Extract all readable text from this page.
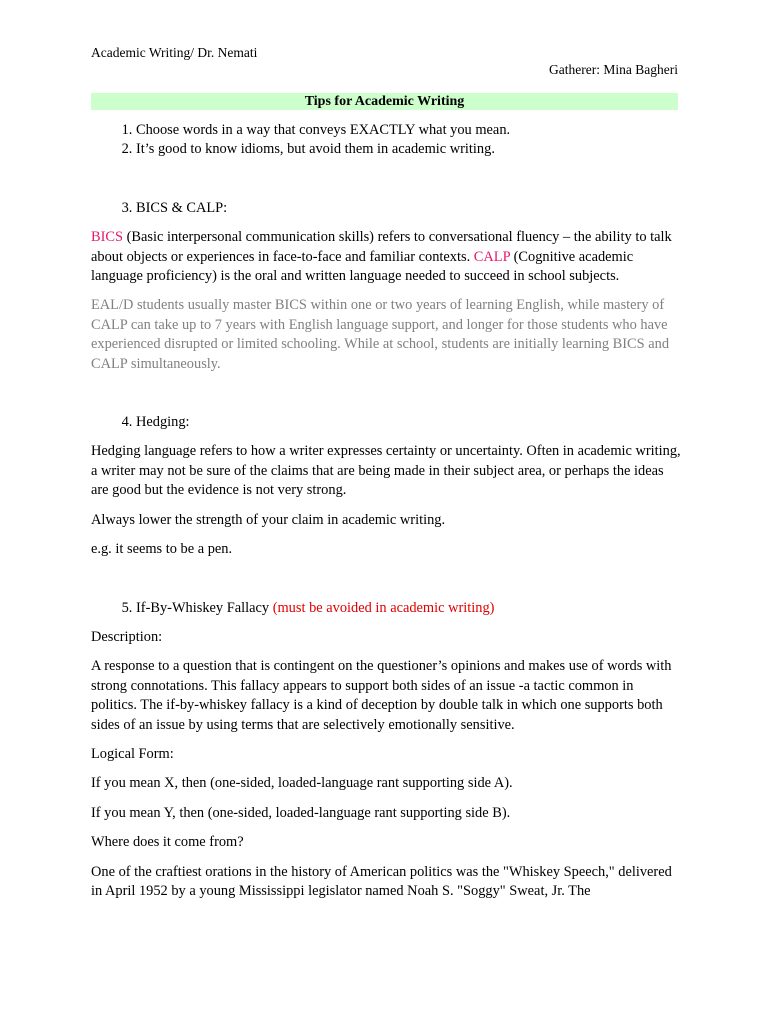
Academic Writing/ Dr. Nemati
Gatherer: Mina Bagheri
Tips for Academic Writing
1. Choose words in a way that conveys EXACTLY what you mean.
2. It’s good to know idioms, but avoid them in academic writing.
3. BICS & CALP:

BICS (Basic interpersonal communication skills) refers to conversational fluency – the ability to talk about objects or experiences in face-to-face and familiar contexts. CALP (Cognitive academic language proficiency) is the oral and written language needed to succeed in school subjects.

EAL/D students usually master BICS within one or two years of learning English, while mastery of CALP can take up to 7 years with English language support, and longer for those students who have experienced disrupted or limited schooling. While at school, students are initially learning BICS and CALP simultaneously.

4. Hedging:

Hedging language refers to how a writer expresses certainty or uncertainty. Often in academic writing, a writer may not be sure of the claims that are being made in their subject area, or perhaps the ideas are good but the evidence is not very strong.

Always lower the strength of your claim in academic writing.

e.g. it seems to be a pen.

5. If-By-Whiskey Fallacy (must be avoided in academic writing)

Description:

A response to a question that is contingent on the questioner’s opinions and makes use of words with strong connotations. This fallacy appears to support both sides of an issue -a tactic common in politics. The if-by-whiskey fallacy is a kind of deception by double talk in which one supports both sides of an issue by using terms that are selectively emotionally sensitive.

Logical Form:

If you mean X, then (one-sided, loaded-language rant supporting side A).

If you mean Y, then (one-sided, loaded-language rant supporting side B).

Where does it come from?

One of the craftiest orations in the history of American politics was the "Whiskey Speech," delivered in April 1952 by a young Mississippi legislator named Noah S. "Soggy" Sweat, Jr. The
